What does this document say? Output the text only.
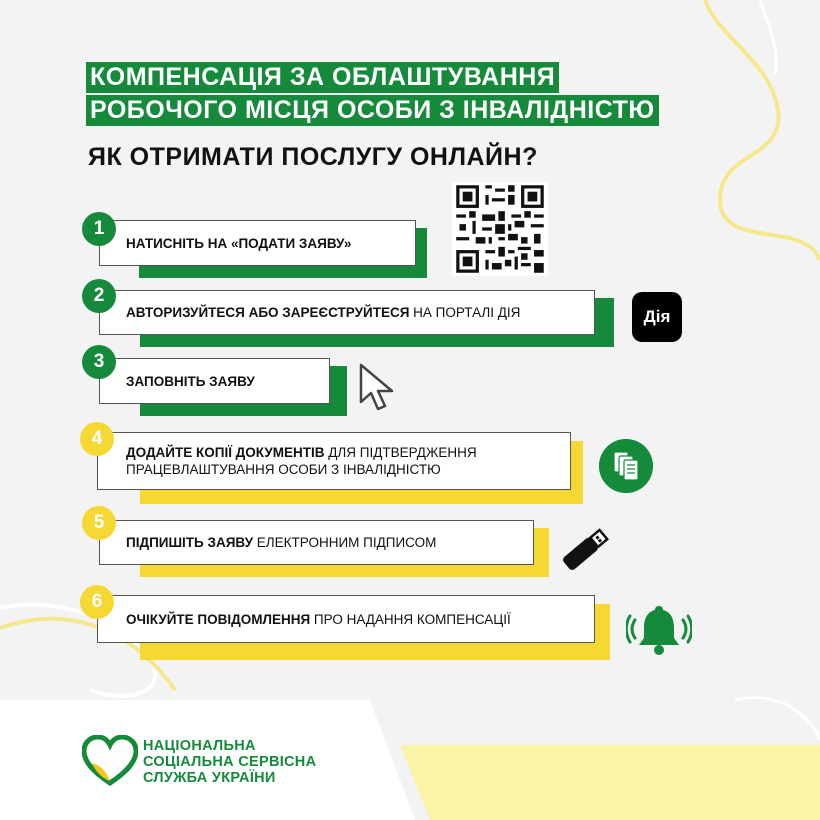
КОМПЕНСАЦІЯ ЗА ОБЛАШТУВАННЯ
РОБОЧОГО МІСЦЯ ОСОБИ З ІНВАЛІДНІСТЮ
ЯК ОТРИМАТИ ПОСЛУГУ ОНЛАЙН?
НАТИСНІТЬ НА «ПОДАТИ ЗАЯВУ»
1
АВТОРИЗУЙТЕСЯ АБО ЗАРЕЄСТРУЙТЕСЯ НА ПОРТАЛІ ДІЯ
2
Дія
ЗАПОВНІТЬ ЗАЯВУ
3
ДОДАЙТЕ КОПІЇ ДОКУМЕНТІВ ДЛЯ ПІДТВЕРДЖЕННЯ ПРАЦЕВЛАШТУВАННЯ ОСОБИ З ІНВАЛІДНІСТЮ
4
ПІДПИШІТЬ ЗАЯВУ ЕЛЕКТРОННИМ ПІДПИСОМ
5
ОЧІКУЙТЕ ПОВІДОМЛЕННЯ ПРО НАДАННЯ КОМПЕНСАЦІЇ
6
НАЦІОНАЛЬНА
СОЦІАЛЬНА СЕРВІСНА
СЛУЖБА УКРАЇНИ
